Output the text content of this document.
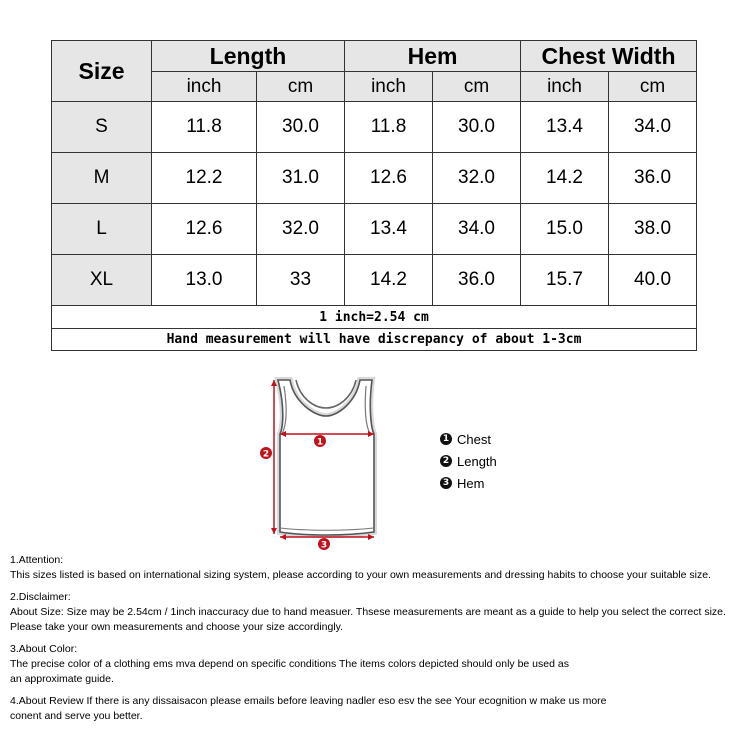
Size	Length		Hem		Chest Width	
	inch	cm	inch	cm	inch	cm
S	11.8	30.0	11.8	30.0	13.4	34.0
M	12.2	31.0	12.6	32.0	14.2	36.0
L	12.6	32.0	13.4	34.0	15.0	38.0
XL	13.0	33	14.2	36.0	15.7	40.0
1 inch=2.54 cm						
Hand measurement will have discrepancy of about 1-3cm						
1
2
3
1 Chest
2 Length
3 Hem

1.Attention:

This sizes listed is based on international sizing system, please according to your own measurements and dressing habits to choose your suitable size.

2.Disclaimer:

About Size: Size may be 2.54cm / 1inch inaccuracy due to hand measuer. Thsese measurements are meant as a guide to help you select the correct size.

Please take your own measurements and choose your size accordingly.

3.About Color:

The precise color of a clothing ems mva depend on specific conditions The items colors depicted should only be used as

an approximate guide.

4.About Review If there is any dissaisacon please emails before leaving nadler eso esv the see Your ecognition w make us more

conent and serve you better.
